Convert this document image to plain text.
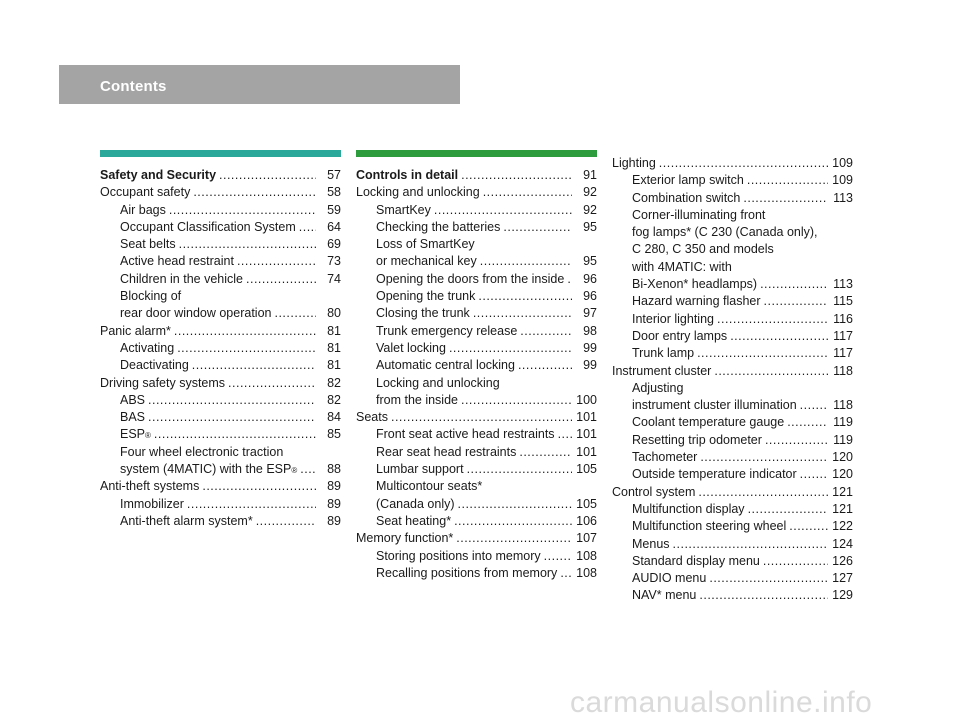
Contents
Safety and Security .....	57
Occupant safety .....	58
Air bags .....	59
Occupant Classification System .....	64
Seat belts .....	69
Active head restraint .....	73
Children in the vehicle .....	74
Blocking of
rear door window operation .....	80
Panic alarm* .....	81
Activating .....	81
Deactivating .....	81
Driving safety systems .....	82
ABS .....	82
BAS .....	84
ESP ® .....	85
Four wheel electronic traction
system (4MATIC) with the ESP ® .....	88
Anti-theft systems .....	89
Immobilizer .....	89
Anti-theft alarm system* .....	89
Controls in detail .....	91
Locking and unlocking .....	92
SmartKey .....	92
Checking the batteries .....	95
Loss of SmartKey
or mechanical key .....	95
Opening the doors from the inside .....	96
Opening the trunk .....	96
Closing the trunk .....	97
Trunk emergency release .....	98
Valet locking .....	99
Automatic central locking .....	99
Locking and unlocking
from the inside .....	100
Seats .....	101
Front seat active head restraints ..... 101
Rear seat head restraints .....	101
Lumbar support .....	105
Multicontour seats*
(Canada only) .....	105
Seat heating* .....	106
Memory function* .....	107
Storing positions into memory .....	108
Recalling positions from memory ..... 108
Lighting .....	109
Exterior lamp switch .....	109
Combination switch .....	113
Corner-illuminating front
fog lamps* (C 230 (Canada only),
C 280, C 350 and models
with 4MATIC: with
Bi-Xenon* headlamps) .....	113
Hazard warning flasher .....	115
Interior lighting .....	116
Door entry lamps .....	117
Trunk lamp .....	117
Instrument cluster .....	118
Adjusting
instrument cluster illumination .....	118
Coolant temperature gauge .....	119
Resetting trip odometer .....	119
Tachometer .....	120
Outside temperature indicator .....	120
Control system .....	121
Multifunction display .....	121
Multifunction steering wheel .....	122
Menus .....	124
Standard display menu .....	126
AUDIO menu .....	127
NAV* menu .....	129
carmanualsonline.info
